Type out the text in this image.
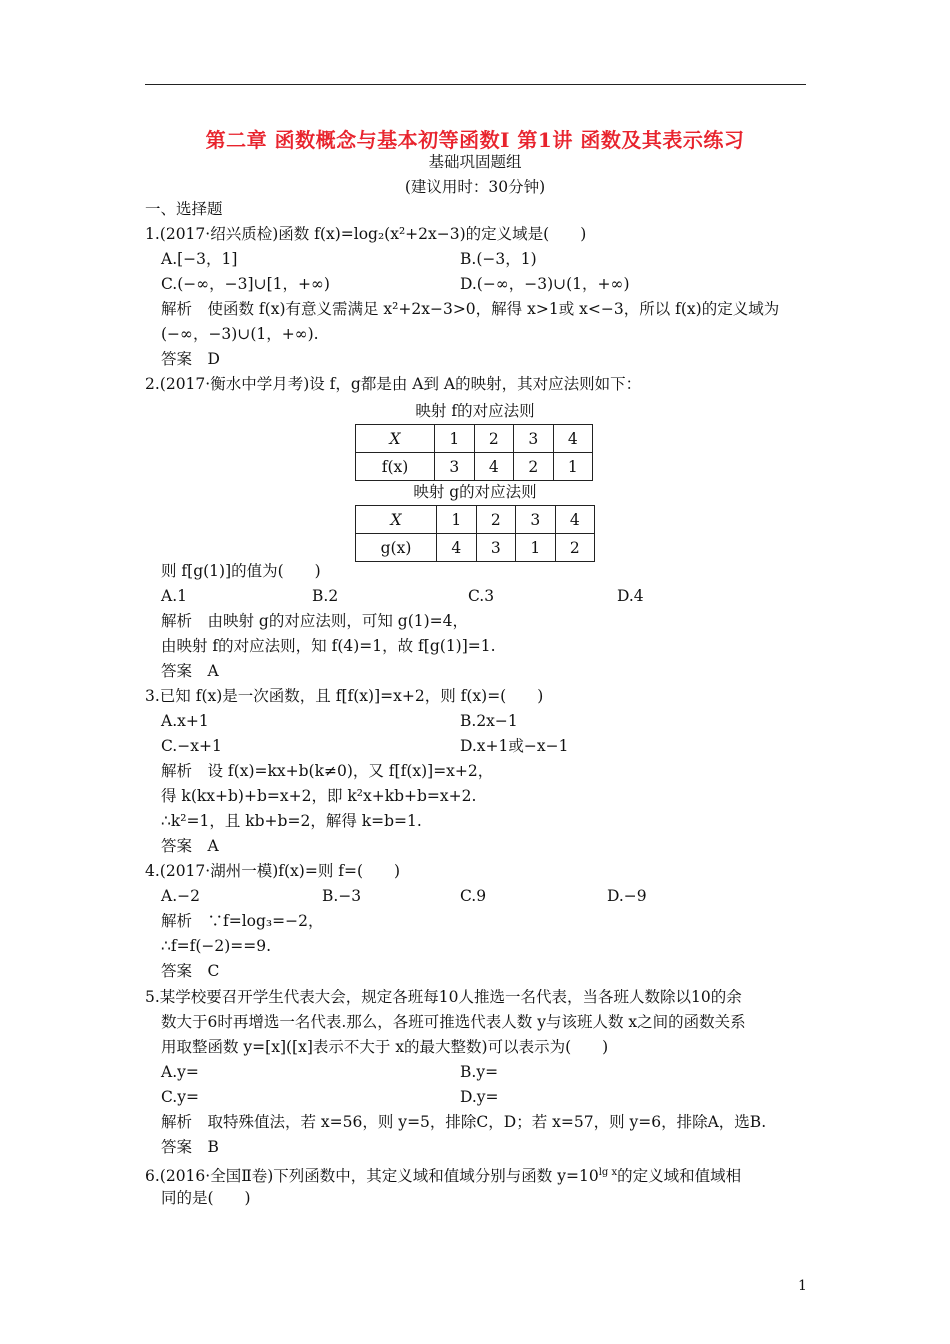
第二章 函数概念与基本初等函数Ⅰ 第1讲 函数及其表示练习
基础巩固题组
(建议用时：30分钟)
一、选择题
1.(2017·绍兴质检)函数 f(x)=log₂(x²+2x−3)的定义域是(　　)
A.[−3，1]	B.(−3，1)
C.(−∞，−3]∪[1，+∞)	D.(−∞，−3)∪(1，+∞)
解析　使函数 f(x)有意义需满足 x²+2x−3>0，解得 x>1或 x<−3，所以 f(x)的定义域为
(−∞，−3)∪(1，+∞).
答案　D
2.(2017·衡水中学月考)设 f，g都是由 A到 A的映射，其对应法则如下：
映射 f的对应法则
X	1	2	3	4
f(x)	3	4	2	1
映射 g的对应法则
X	1	2	3	4
g(x)	4	3	1	2
则 f[g(1)]的值为(　　)
A.1	B.2	C.3	D.4
解析　由映射 g的对应法则，可知 g(1)=4，
由映射 f的对应法则，知 f(4)=1，故 f[g(1)]=1.
答案　A
3.已知 f(x)是一次函数，且 f[f(x)]=x+2，则 f(x)=(　　)
A.x+1	B.2x−1
C.−x+1	D.x+1或−x−1
解析　设 f(x)=kx+b(k≠0)，又 f[f(x)]=x+2，
得 k(kx+b)+b=x+2，即 k²x+kb+b=x+2.
∴k²=1，且 kb+b=2，解得 k=b=1.
答案　A
4.(2017·湖州一模)f(x)=则 f=(　　)
A.−2	B.−3	C.9	D.−9
解析　∵f=log₃=−2，
∴f=f(−2)==9.
答案　C
5.某学校要召开学生代表大会，规定各班每10人推选一名代表，当各班人数除以10的余
数大于6时再增选一名代表.那么，各班可推选代表人数 y与该班人数 x之间的函数关系
用取整函数 y=[x]([x]表示不大于 x的最大整数)可以表示为(　　)
A.y=	B.y=
C.y=	D.y=
解析　取特殊值法，若 x=56，则 y=5，排除C，D；若 x=57，则 y=6，排除A，选B.
答案　B
6.(2016·全国Ⅱ卷)下列函数中，其定义域和值域分别与函数 $y=10^{lg x}$的定义域和值域相
同的是(　　)
1
